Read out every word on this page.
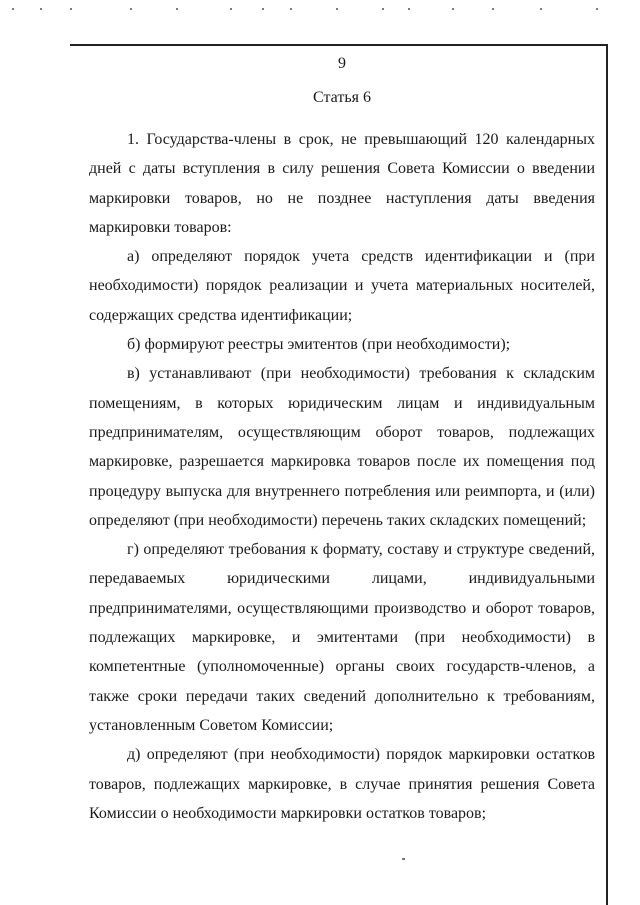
9
Статья 6

1. Государства-члены в срок, не превышающий 120 календарных дней с даты вступления в силу решения Совета Комиссии о введении маркировки товаров, но не позднее наступления даты введения маркировки товаров:

а) определяют порядок учета средств идентификации и (при необходимости) порядок реализации и учета материальных носителей, содержащих средства идентификации;

б) формируют реестры эмитентов (при необходимости);

в) устанавливают (при необходимости) требования к складским помещениям, в которых юридическим лицам и индивидуальным предпринимателям, осуществляющим оборот товаров, подлежащих маркировке, разрешается маркировка товаров после их помещения под процедуру выпуска для внутреннего потребления или реимпорта, и (или) определяют (при необходимости) перечень таких складских помещений;

г) определяют требования к формату, составу и структуре сведений, передаваемых юридическими лицами, индивидуальными предпринимателями, осуществляющими производство и оборот товаров, подлежащих маркировке, и эмитентами (при необходимости) в компетентные (уполномоченные) органы своих государств-членов, а также сроки передачи таких сведений дополнительно к требованиям, установленным Советом Комиссии;

д) определяют (при необходимости) порядок маркировки остатков товаров, подлежащих маркировке, в случае принятия решения Совета Комиссии о необходимости маркировки остатков товаров;
